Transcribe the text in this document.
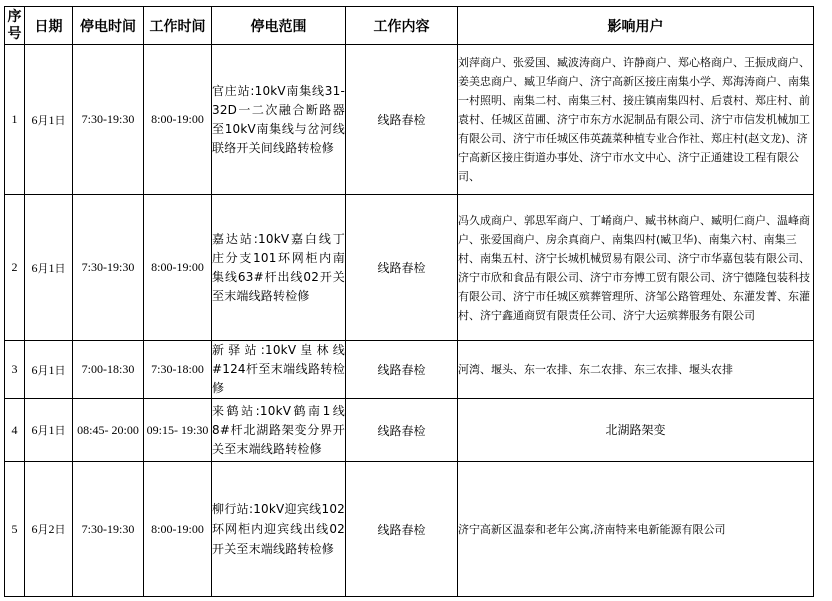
序号	日期	停电时间	工作时间	停电范围	工作内容	影响用户
1	6月1日	7:30-19:30	8:00-19:00	官庄站:10kV南集线31-32D一二次融合断路器至10kV南集线与岔河线联络开关间线路转检修	线路春检	刘萍商户、张爱国、臧波涛商户、许静商户、郑心格商户、王振成商户、姜美忠商户、臧卫华商户、济宁高新区接庄南集小学、郑海涛商户、南集一村照明、南集二村、南集三村、接庄镇南集四村、后袁村、郑庄村、前袁村、任城区苗圃、济宁市东方水泥制品有限公司、济宁市信发机械加工有限公司、济宁市任城区伟英蔬菜种植专业合作社、郑庄村(赵文龙)、济宁高新区接庄街道办事处、济宁市水文中心、济宁正通建设工程有限公司、
2	6月1日	7:30-19:30	8:00-19:00	嘉达站:10kV嘉白线丁庄分支101环网柜内南集线63#杆出线02开关至末端线路转检修	线路春检	冯久成商户、郭思军商户、丁崤商户、臧书林商户、臧明仁商户、温峰商户、张爱国商户、房余真商户、南集四村(臧卫华)、南集六村、南集三村、南集五村、济宁长城机械贸易有限公司、济宁市华嘉包装有限公司、济宁市欣和食品有限公司、济宁市夯博工贸有限公司、济宁德隆包装科技有限公司、济宁市任城区殡葬管理所、济邹公路管理处、东灌发菁、东灌村、济宁鑫通商贸有限责任公司、济宁大运殡葬服务有限公司
3	6月1日	7:00-18:30	7:30-18:00	新驿站:10kV皇林线#124杆至末端线路转检修	线路春检	河湾、堰头、东一农排、东二农排、东三农排、堰头农排
4	6月1日	08:45- 20:00	09:15- 19:30	来鹤站:10kV鹤南1线8#杆北湖路架变分界开关至末端线路转检修	线路春检	北湖路架变
5	6月2日	7:30-19:30	8:00-19:00	柳行站:10kV迎宾线102环网柜内迎宾线出线02开关至末端线路转检修	线路春检	济宁高新区温泰和老年公寓,济南特来电新能源有限公司
